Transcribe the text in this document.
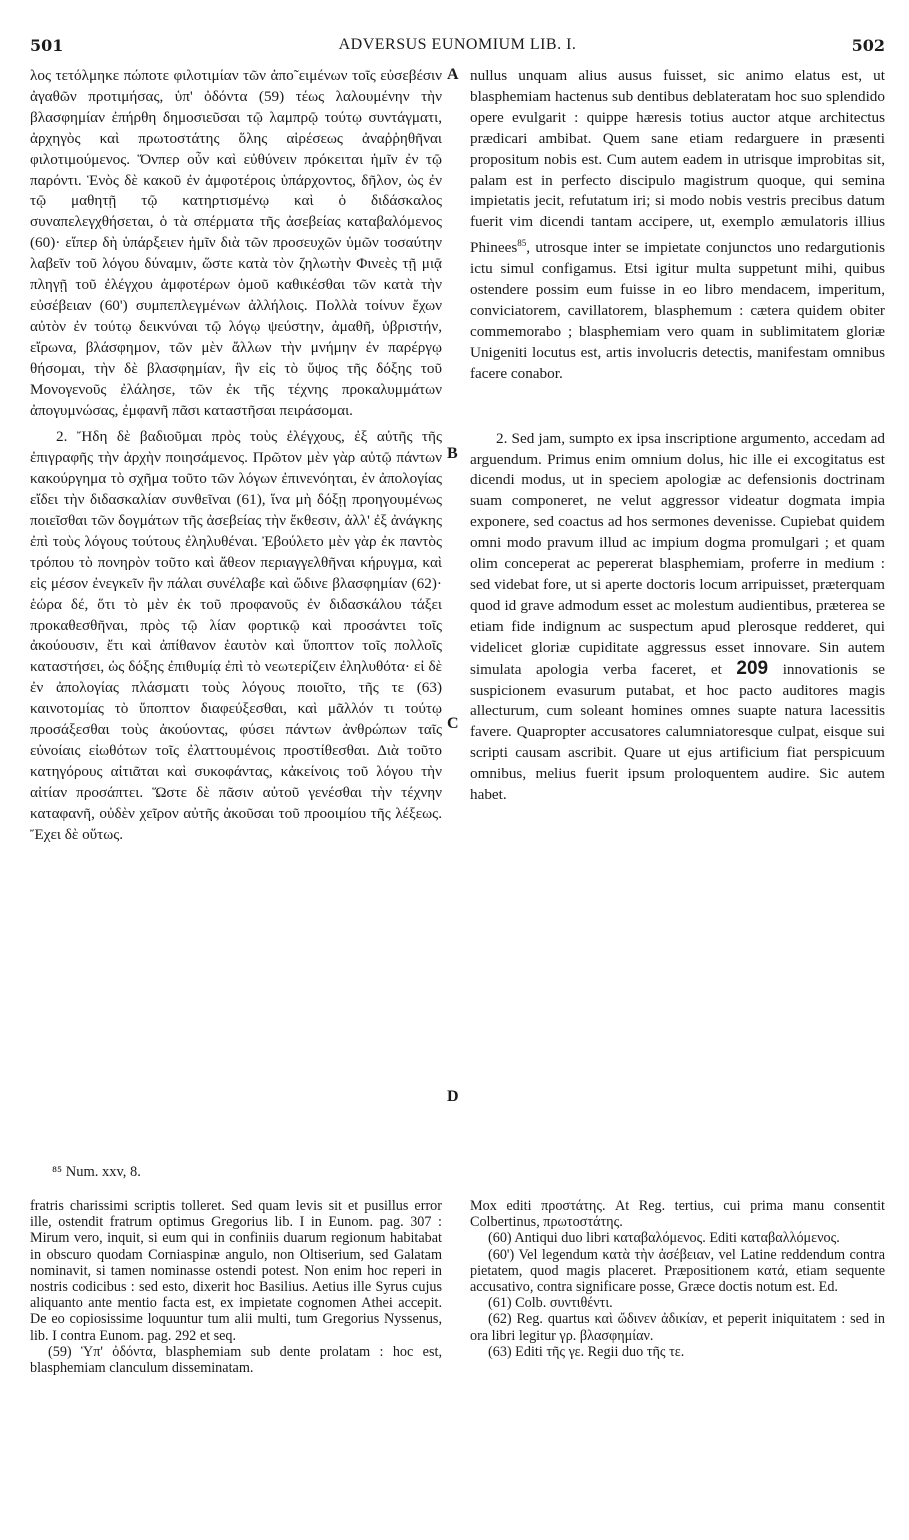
501	ADVERSUS EUNOMIUM LIB. I.	502

λος τετόλμηκε πώποτε φιλοτιμίαν τῶν ἀπο῀ειμένων τοῖς εὐσεβέσιν ἀγαθῶν προτιμήσας, ὑπ' ὀδόντα (59) τέως λαλουμένην τὴν βλασφημίαν ἐπήρθη δημοσιεῦσαι τῷ λαμπρῷ τούτῳ συντάγματι, ἀρχηγὸς καὶ πρωτοστάτης ὅλης αἱρέσεως ἀναῤῥηθῆναι φιλοτιμούμενος. Ὅνπερ οὖν καὶ εὐθύνειν πρόκειται ἡμῖν ἐν τῷ παρόντι. Ἑνὸς δὲ κακοῦ ἐν ἀμφοτέροις ὑπάρχοντος, δῆλον, ὡς ἐν τῷ μαθητῇ τῷ κατηρτισμένῳ καὶ ὁ διδάσκαλος συναπελεγχθήσεται, ὁ τὰ σπέρματα τῆς ἀσεβείας καταβαλόμενος (60)· εἴπερ δὴ ὑπάρξειεν ἡμῖν διὰ τῶν προσευχῶν ὑμῶν τοσαύτην λαβεῖν τοῦ λόγου δύναμιν, ὥστε κατὰ τὸν ζηλωτὴν Φινεὲς τῇ μιᾷ πληγῇ τοῦ ἐλέγχου ἀμφοτέρων ὁμοῦ καθικέσθαι τῶν κατὰ τὴν εὐσέβειαν (60') συμπεπλεγμένων ἀλλήλοις. Πολλὰ τοίνυν ἔχων αὐτὸν ἐν τούτῳ δεικνύναι τῷ λόγῳ ψεύστην, ἀμαθῆ, ὑβριστήν, εἴρωνα, βλάσφημον, τῶν μὲν ἄλλων τὴν μνήμην ἐν παρέργῳ θήσομαι, τὴν δὲ βλασφημίαν, ἣν εἰς τὸ ὕψος τῆς δόξης τοῦ Μονογενοῦς ἐλάλησε, τῶν ἐκ τῆς τέχνης προκαλυμμάτων ἀπογυμνώσας, ἐμφανῆ πᾶσι καταστῆσαι πειράσομαι.

2. Ἤδη δὲ βαδιοῦμαι πρὸς τοὺς ἐλέγχους, ἐξ αὐτῆς τῆς ἐπιγραφῆς τὴν ἀρχὴν ποιησάμενος. Πρῶτον μὲν γὰρ αὐτῷ πάντων κακούργημα τὸ σχῆμα τοῦτο τῶν λόγων ἐπινενόηται, ἐν ἀπολογίας εἴδει τὴν διδασκαλίαν συνθεῖναι (61), ἵνα μὴ δόξῃ προηγουμένως ποιεῖσθαι τῶν δογμάτων τῆς ἀσεβείας τὴν ἔκθεσιν, ἀλλ' ἐξ ἀνάγκης ἐπὶ τοὺς λόγους τούτους ἐληλυθέναι. Ἐβούλετο μὲν γὰρ ἐκ παντὸς τρόπου τὸ πονηρὸν τοῦτο καὶ ἄθεον περιαγγελθῆναι κήρυγμα, καὶ εἰς μέσον ἐνεγκεῖν ἣν πάλαι συνέλαβε καὶ ὤδινε βλασφημίαν (62)· ἑώρα δέ, ὅτι τὸ μὲν ἐκ τοῦ προφανοῦς ἐν διδασκάλου τάξει προκαθεσθῆναι, πρὸς τῷ λίαν φορτικῷ καὶ προσάντει τοῖς ἀκούουσιν, ἔτι καὶ ἀπίθανον ἑαυτὸν καὶ ὕποπτον τοῖς πολλοῖς καταστήσει, ὡς δόξης ἐπιθυμίᾳ ἐπὶ τὸ νεωτερίζειν ἐληλυθότα· εἰ δὲ ἐν ἀπολογίας πλάσματι τοὺς λόγους ποιοῖτο, τῆς τε (63) καινοτομίας τὸ ὕποπτον διαφεύξεσθαι, καὶ μᾶλλόν τι τούτῳ προσάξεσθαι τοὺς ἀκούοντας, φύσει πάντων ἀνθρώπων ταῖς εὐνοίαις εἰωθότων τοῖς ἐλαττουμένοις προστίθεσθαι. Διὰ τοῦτο κατηγόρους αἰτιᾶται καὶ συκοφάντας, κἀκείνοις τοῦ λόγου τὴν αἰτίαν προσάπτει. Ὥστε δὲ πᾶσιν αὐτοῦ γενέσθαι τὴν τέχνην καταφανῆ, οὐδὲν χεῖρον αὐτῆς ἀκοῦσαι τοῦ προοιμίου τῆς λέξεως. Ἔχει δὲ οὕτως.

A
B
C
D

nullus unquam alius ausus fuisset, sic animo elatus est, ut blasphemiam hactenus sub dentibus deblateratam hoc suo splendido opere evulgarit : quippe hæresis totius auctor atque architectus prædicari ambibat. Quem sane etiam redarguere in præsenti propositum nobis est. Cum autem eadem in utrisque improbitas sit, palam est in perfecto discipulo magistrum quoque, qui semina impietatis jecit, refutatum iri; si modo nobis vestris precibus datum fuerit vim dicendi tantam accipere, ut, exemplo æmulatoris illius Phinees$^{85}$, utrosque inter se impietate conjunctos uno redargutionis ictu simul configamus. Etsi igitur multa suppetunt mihi, quibus ostendere possim eum fuisse in eo libro mendacem, imperitum, conviciatorem, cavillatorem, blasphemum : cætera quidem obiter commemorabo ; blasphemiam vero quam in sublimitatem gloriæ Unigeniti locutus est, artis involucris detectis, manifestam omnibus facere conabor.

2. Sed jam, sumpto ex ipsa inscriptione argumento, accedam ad arguendum. Primus enim omnium dolus, hic ille ei excogitatus est dicendi modus, ut in speciem apologiæ ac defensionis doctrinam suam componeret, ne velut aggressor videatur dogmata impia exponere, sed coactus ad hos sermones devenisse. Cupiebat quidem omni modo pravum illud ac impium dogma promulgari ; et quam olim conceperat ac pepererat blasphemiam, proferre in medium : sed videbat fore, ut si aperte doctoris locum arripuisset, præterquam quod id grave admodum esset ac molestum audientibus, præterea se etiam fide indignum ac suspectum apud plerosque redderet, qui videlicet gloriæ cupiditate aggressus esset innovare. Sin autem simulata apologia verba faceret, et 209 innovationis se suspicionem evasurum putabat, et hoc pacto auditores magis allecturum, cum soleant homines omnes suapte natura lacessitis favere. Quapropter accusatores calumniatoresque culpat, eisque sui scripti causam ascribit. Quare ut ejus artificium fiat perspicuum omnibus, melius fuerit ipsum proloquentem audire. Sic autem habet.

⁸⁵ Num. xxv, 8.

fratris charissimi scriptis tolleret. Sed quam levis sit et pusillus error ille, ostendit fratrum optimus Gregorius lib. I in Eunom. pag. 307 : Mirum vero, inquit, si eum qui in confiniis duarum regionum habitabat in obscuro quodam Corniaspinæ angulo, non Oltiserium, sed Galatam nominavit, si tamen nominasse ostendi potest. Non enim hoc reperi in nostris codicibus : sed esto, dixerit hoc Basilius. Aetius ille Syrus cujus aliquanto ante mentio facta est, ex impietate cognomen Athei accepit. De eo copiosissime loquuntur tum alii multi, tum Gregorius Nyssenus, lib. I contra Eunom. pag. 292 et seq.

(59) Ὑπ' ὀδόντα, blasphemiam sub dente prolatam : hoc est, blasphemiam clanculum disseminatam.

Mox editi προστάτης. At Reg. tertius, cui prima manu consentit Colbertinus, πρωτοστάτης.

(60) Antiqui duo libri καταβαλόμενος. Editi καταβαλλόμενος.

(60') Vel legendum κατὰ τὴν ἀσέβειαν, vel Latine reddendum contra pietatem, quod magis placeret. Præpositionem κατά, etiam sequente accusativo, contra significare posse, Græce doctis notum est. Ed.

(61) Colb. συντιθέντι.

(62) Reg. quartus καὶ ὤδινεν ἀδικίαν, et peperit iniquitatem : sed in ora libri legitur γρ. βλασφημίαν.

(63) Editi τῆς γε. Regii duo τῆς τε.
